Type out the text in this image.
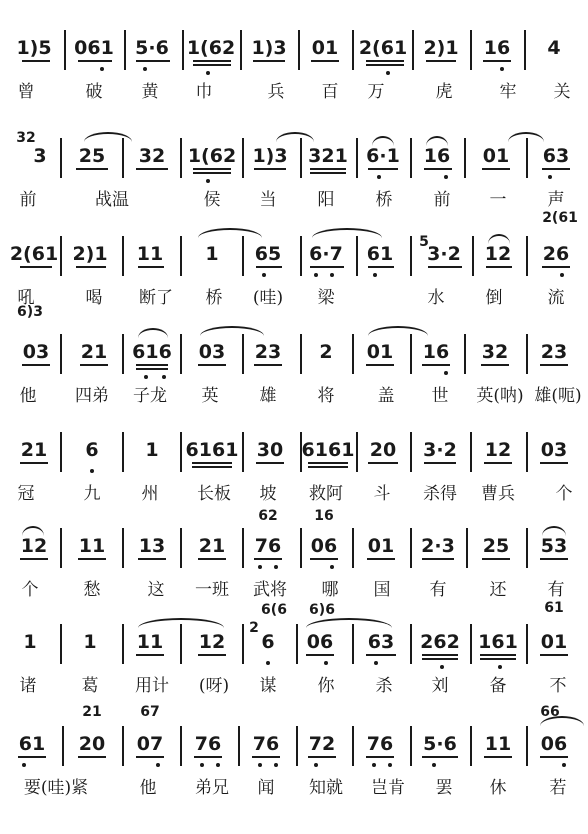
1)5 061 5·6 1(62 1)3 01 2(61 2)1 16 4
曾	破 黄 巾	兵 百 万	虎	牢 关
32
3 25 32 1(62 1)3 321 6·1 16 01 63
前	战温	侯 当 阳 桥 前 一 声
2(61
2(61 2)1 11 1 65 6·7 61
5
3·2 12 26
吼	喝 断了 桥 (哇) 梁	水 倒	流
6)3
03 21 616 03 23 2 01 16 32 23
他 四弟 子龙 英 雄 将	盖 世 英(呐) 雄(呃)
21 6 1 6161 30 6161 20 3·2 12 03
冠	九 州 长板 坡 救阿 斗 杀得 曹兵 个
62	16
12 11 13 21 76 06 01 2·3 25 53
个	愁	这 一班 武将 哪 国 有	还 有
6(6 6)6	61
2
1 1 11 12 6 06 63 262 161 01
诸	葛 用计 (呀) 谋 你 杀 刘 备	不
21	67	66
61 20 07 76 76 72 76 5·6 11 06
要(哇)紧	他 弟兄 闻 知就 岂肯 罢 休	若
